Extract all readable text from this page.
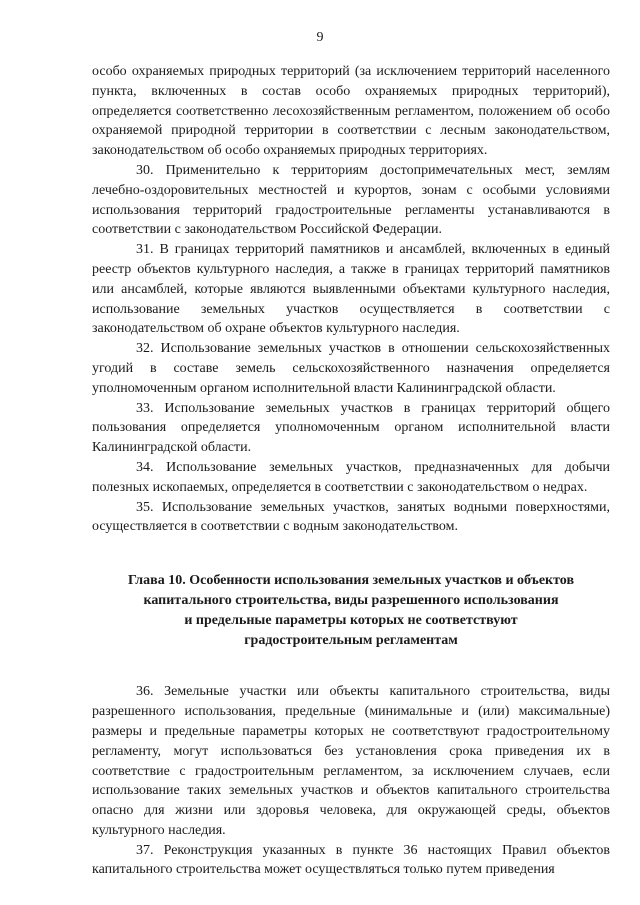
9

особо охраняемых природных территорий (за исключением территорий населенного пункта, включенных в состав особо охраняемых природных территорий), определяется соответственно лесохозяйственным регламентом, положением об особо охраняемой природной территории в соответствии с лесным законодательством, законодательством об особо охраняемых природных территориях.

30. Применительно к территориям достопримечательных мест, землям лечебно-оздоровительных местностей и курортов, зонам с особыми условиями использования территорий градостроительные регламенты устанавливаются в соответствии с законодательством Российской Федерации.

31. В границах территорий памятников и ансамблей, включенных в единый реестр объектов культурного наследия, а также в границах территорий памятников или ансамблей, которые являются выявленными объектами культурного наследия, использование земельных участков осуществляется в соответствии с законодательством об охране объектов культурного наследия.

32. Использование земельных участков в отношении сельскохозяйственных угодий в составе земель сельскохозяйственного назначения определяется уполномоченным органом исполнительной власти Калининградской области.

33. Использование земельных участков в границах территорий общего пользования определяется уполномоченным органом исполнительной власти Калининградской области.

34. Использование земельных участков, предназначенных для добычи полезных ископаемых, определяется в соответствии с законодательством о недрах.

35. Использование земельных участков, занятых водными поверхностями, осуществляется в соответствии с водным законодательством.

Глава 10. Особенности использования земельных участков и объектов
капитального строительства, виды разрешенного использования
и предельные параметры которых не соответствуют
градостроительным регламентам

36. Земельные участки или объекты капитального строительства, виды разрешенного использования, предельные (минимальные и (или) максимальные) размеры и предельные параметры которых не соответствуют градостроительному регламенту, могут использоваться без установления срока приведения их в соответствие с градостроительным регламентом, за исключением случаев, если использование таких земельных участков и объектов капитального строительства опасно для жизни или здоровья человека, для окружающей среды, объектов культурного наследия.

37. Реконструкция указанных в пункте 36 настоящих Правил объектов капитального строительства может осуществляться только путем приведения
